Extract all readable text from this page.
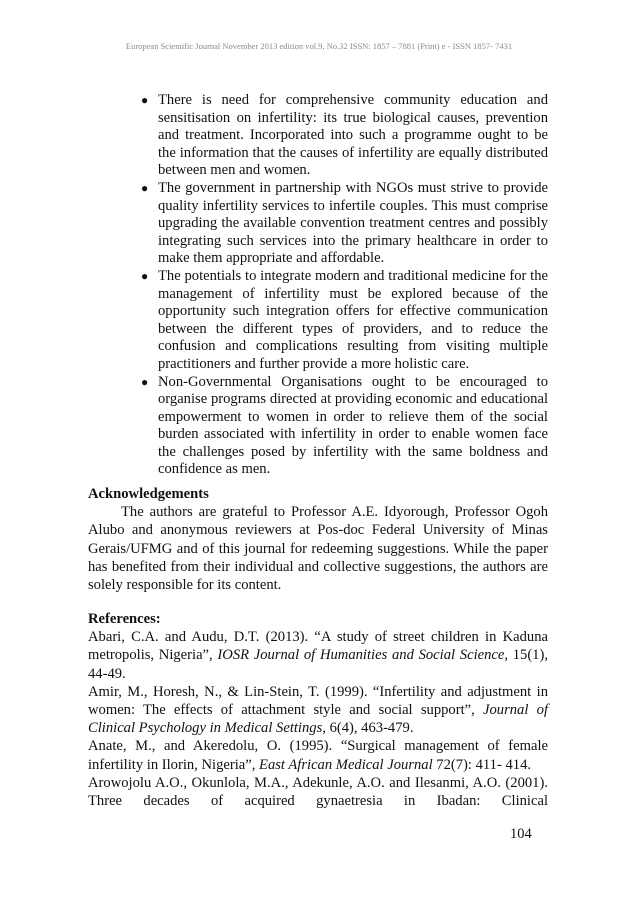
European Scientific Journal November 2013 edition vol.9, No.32 ISSN: 1857 – 7881 (Print) e - ISSN 1857- 7431
● There is need for comprehensive community education and sensitisation on infertility: its true biological causes, prevention and treatment. Incorporated into such a programme ought to be the information that the causes of infertility are equally distributed between men and women.
● The government in partnership with NGOs must strive to provide quality infertility services to infertile couples. This must comprise upgrading the available convention treatment centres and possibly integrating such services into the primary healthcare in order to make them appropriate and affordable.
● The potentials to integrate modern and traditional medicine for the management of infertility must be explored because of the opportunity such integration offers for effective communication between the different types of providers, and to reduce the confusion and complications resulting from visiting multiple practitioners and further provide a more holistic care.
● Non-Governmental Organisations ought to be encouraged to organise programs directed at providing economic and educational empowerment to women in order to relieve them of the social burden associated with infertility in order to enable women face the challenges posed by infertility with the same boldness and confidence as men.
Acknowledgements
The authors are grateful to Professor A.E. Idyorough, Professor Ogoh Alubo and anonymous reviewers at Pos-doc Federal University of Minas Gerais/UFMG and of this journal for redeeming suggestions. While the paper has benefited from their individual and collective suggestions, the authors are solely responsible for its content.
References:
Abari, C.A. and Audu, D.T. (2013). “A study of street children in Kaduna metropolis, Nigeria”, IOSR Journal of Humanities and Social Science, 15(1), 44-49.
Amir, M., Horesh, N., & Lin-Stein, T. (1999). “Infertility and adjustment in women: The effects of attachment style and social support”, Journal of Clinical Psychology in Medical Settings, 6(4), 463-479.
Anate, M., and Akeredolu, O. (1995). “Surgical management of female infertility in Ilorin, Nigeria”, East African Medical Journal 72(7): 411- 414.
Arowojolu A.O., Okunlola, M.A., Adekunle, A.O. and Ilesanmi, A.O. (2001). Three decades of acquired gynaetresia in Ibadan: Clinical
104
